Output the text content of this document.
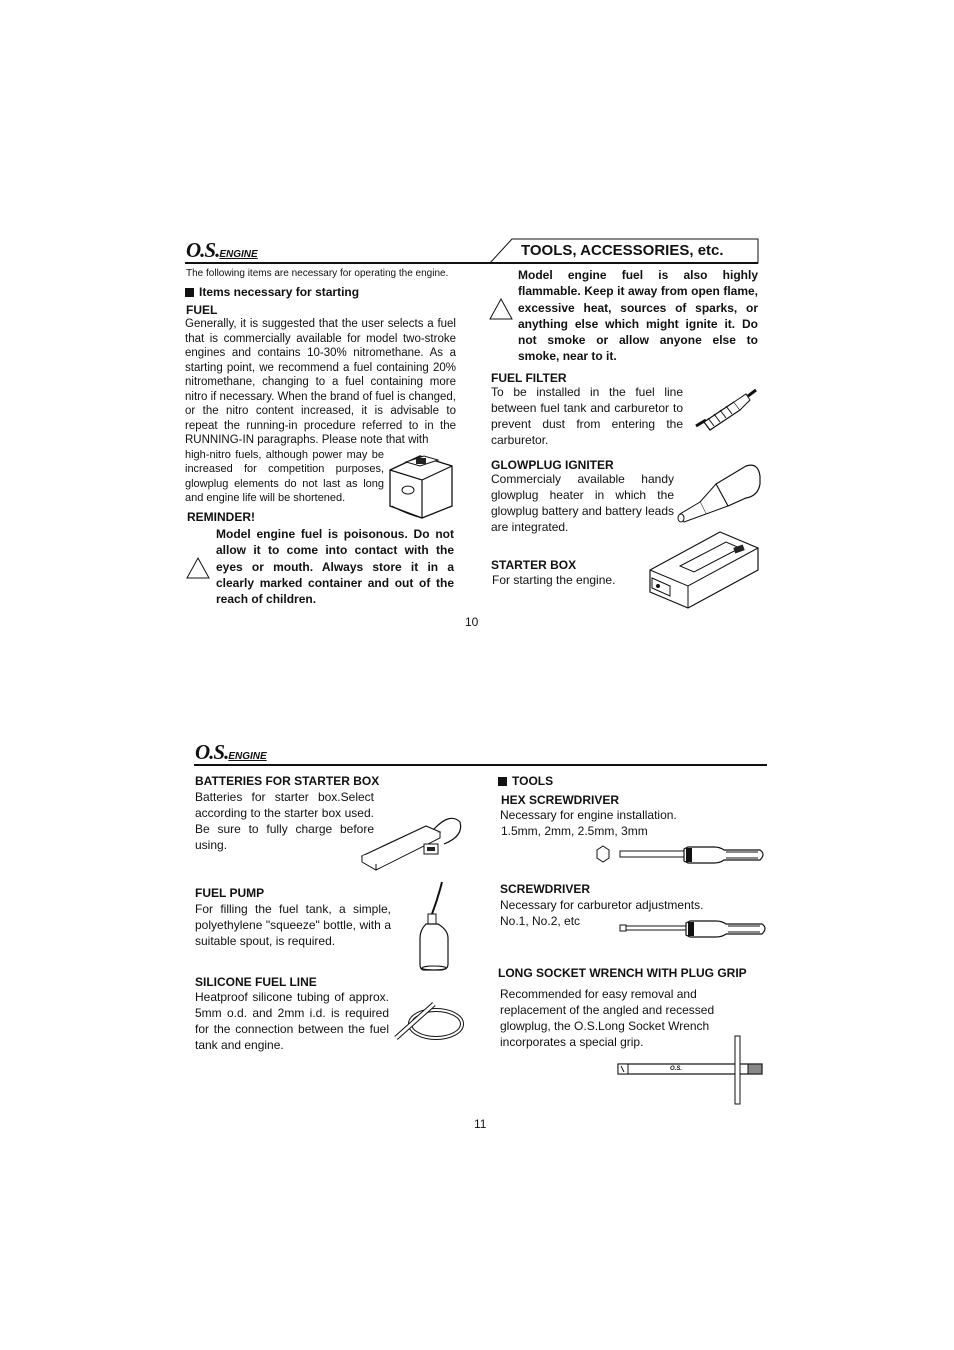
O.S.ENGINE	TOOLS, ACCESSORIES, etc.
The following items are necessary for operating the engine.
Items necessary for starting
FUEL
Generally, it is suggested that the user selects a fuel that is commercially available for model two-stroke engines and contains 10-30% nitromethane. As a starting point, we recommend a fuel containing 20% nitromethane, changing to a fuel containing more nitro if necessary. When the brand of fuel is changed, or the nitro content increased, it is advisable to repeat the running-in procedure referred to in the RUNNING-IN paragraphs. Please note that with
high-nitro fuels, although power may be increased for competition purposes, glowplug elements do not last as long and engine life will be shortened.
REMINDER!
Model engine fuel is poisonous. Do not allow it to come into contact with the eyes or mouth. Always store it in a clearly marked container and out of the reach of children.
Model engine fuel is also highly flammable. Keep it away from open flame, excessive heat, sources of sparks, or anything else which might ignite it. Do not smoke or allow anyone else to smoke, near to it.
FUEL FILTER
To be installed in the fuel line between fuel tank and carburetor to prevent dust from entering the carburetor.
GLOWPLUG IGNITER
Commercialy available handy glowplug heater in which the glowplug battery and battery leads are integrated.
STARTER BOX
For starting the engine.
10
O.S.ENGINE
BATTERIES FOR STARTER BOX
Batteries for starter box.Select according to the starter box used. Be sure to fully charge before using.
FUEL PUMP
For filling the fuel tank, a simple, polyethylene "squeeze" bottle, with a suitable spout, is required.
SILICONE FUEL LINE
Heatproof silicone tubing of approx. 5mm o.d. and 2mm i.d. is required for the connection between the fuel tank and engine.
TOOLS
HEX SCREWDRIVER
Necessary for engine installation.
1.5mm, 2mm, 2.5mm, 3mm
SCREWDRIVER
Necessary for carburetor adjustments.
No.1, No.2, etc
LONG SOCKET WRENCH WITH PLUG GRIP
Recommended for easy removal and replacement of the angled and recessed glowplug, the O.S.Long Socket Wrench incorporates a special grip.
O.S.
11
